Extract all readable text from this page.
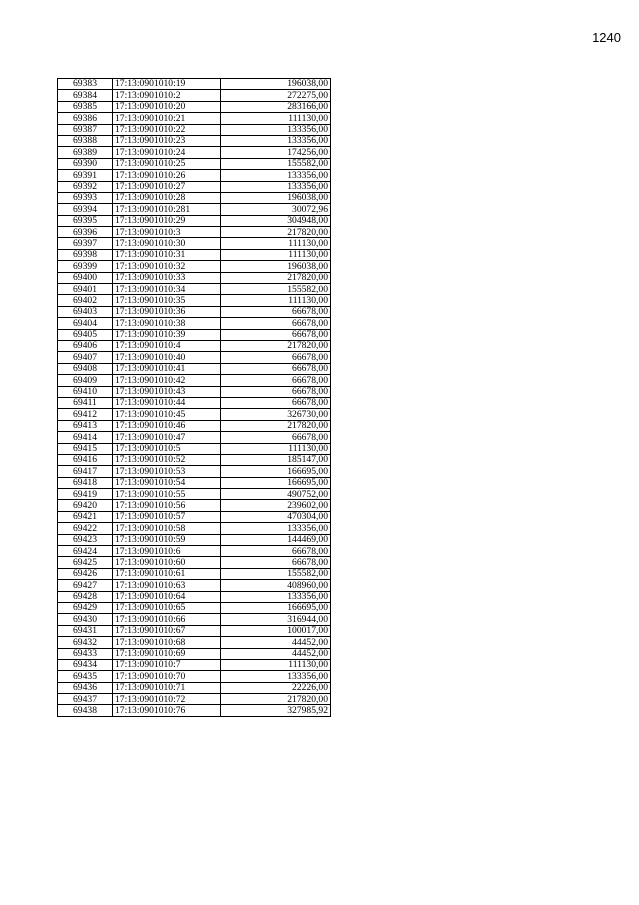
1240
69383	17:13:0901010:19	196038,00
69384	17:13:0901010:2	272275,00
69385	17:13:0901010:20	283166,00
69386	17:13:0901010:21	111130,00
69387	17:13:0901010:22	133356,00
69388	17:13:0901010:23	133356,00
69389	17:13:0901010:24	174256,00
69390	17:13:0901010:25	155582,00
69391	17:13:0901010:26	133356,00
69392	17:13:0901010:27	133356,00
69393	17:13:0901010:28	196038,00
69394	17:13:0901010:281	30072,96
69395	17:13:0901010:29	304948,00
69396	17:13:0901010:3	217820,00
69397	17:13:0901010:30	111130,00
69398	17:13:0901010:31	111130,00
69399	17:13:0901010:32	196038,00
69400	17:13:0901010:33	217820,00
69401	17:13:0901010:34	155582,00
69402	17:13:0901010:35	111130,00
69403	17:13:0901010:36	66678,00
69404	17:13:0901010:38	66678,00
69405	17:13:0901010:39	66678,00
69406	17:13:0901010:4	217820,00
69407	17:13:0901010:40	66678,00
69408	17:13:0901010:41	66678,00
69409	17:13:0901010:42	66678,00
69410	17:13:0901010:43	66678,00
69411	17:13:0901010:44	66678,00
69412	17:13:0901010:45	326730,00
69413	17:13:0901010:46	217820,00
69414	17:13:0901010:47	66678,00
69415	17:13:0901010:5	111130,00
69416	17:13:0901010:52	185147,00
69417	17:13:0901010:53	166695,00
69418	17:13:0901010:54	166695,00
69419	17:13:0901010:55	490752,00
69420	17:13:0901010:56	239602,00
69421	17:13:0901010:57	470304,00
69422	17:13:0901010:58	133356,00
69423	17:13:0901010:59	144469,00
69424	17:13:0901010:6	66678,00
69425	17:13:0901010:60	66678,00
69426	17:13:0901010:61	155582,00
69427	17:13:0901010:63	408960,00
69428	17:13:0901010:64	133356,00
69429	17:13:0901010:65	166695,00
69430	17:13:0901010:66	316944,00
69431	17:13:0901010:67	100017,00
69432	17:13:0901010:68	44452,00
69433	17:13:0901010:69	44452,00
69434	17:13:0901010:7	111130,00
69435	17:13:0901010:70	133356,00
69436	17:13:0901010:71	22226,00
69437	17:13:0901010:72	217820,00
69438	17:13:0901010:76	327985,92
